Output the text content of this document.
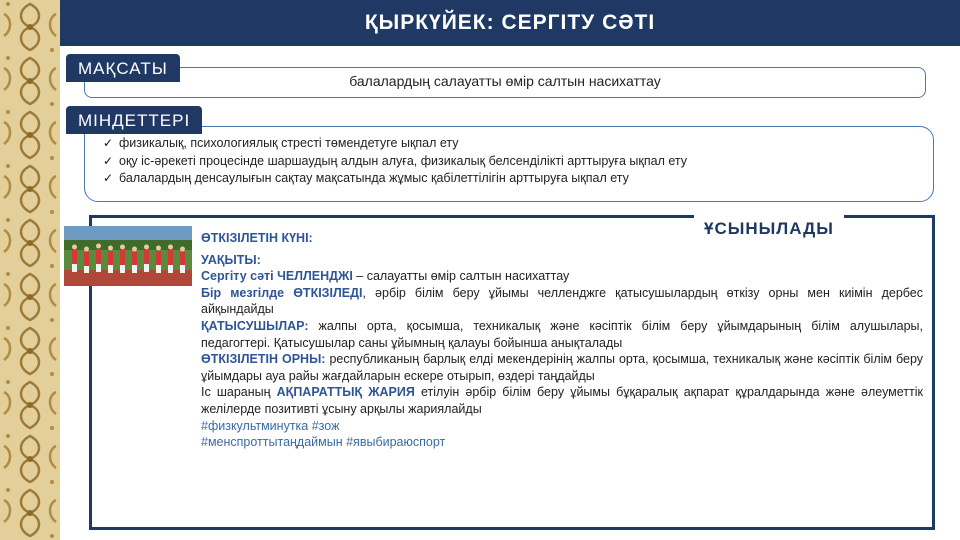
ҚЫРКҮЙЕК: СЕРГІТУ СӘТІ
балалардың салауатты өмір салтын насихаттау
МАҚСАТЫ
✓ физикалық, психологиялық стресті төмендетуге ықпал ету
✓ оқу іс-әрекеті процесінде шаршаудың алдын алуға, физикалық белсенділікті арттыруға ықпал ету
✓ балалардың денсаулығын сақтау мақсатында жұмыс қабілеттілігін арттыруға ықпал ету
МІНДЕТТЕРІ
ҰСЫНЫЛАДЫ

ӨТКІЗІЛЕТІН КҮНІ:

УАҚЫТЫ:

Сергіту сәті ЧЕЛЛЕНДЖІ – салауатты өмір салтын насихаттау

Бір мезгілде ӨТКІЗІЛЕДІ, әрбір білім беру ұйымы челленджге қатысушылардың өткізу орны мен киімін дербес айқындайды

ҚАТЫСУШЫЛАР: жалпы орта, қосымша, техникалық және кәсіптік білім беру ұйымдарының білім алушылары, педагогтері. Қатысушылар саны ұйымның қалауы бойынша анықталады

ӨТКІЗІЛЕТІН ОРНЫ: республиканың барлық елді мекендерінің жалпы орта, қосымша, техникалық және кәсіптік білім беру ұйымдары ауа райы жағдайларын ескере отырып, өздері таңдайды

Іс шараның АҚПАРАТТЫҚ ЖАРИЯ етілуін әрбір білім беру ұйымы бұқаралық ақпарат құралдарында және әлеуметтік желілерде позитивті ұсыну арқылы жариялайды

#физкультминутка #зож

#менспроттытаңдаймын #явыбираюспорт
